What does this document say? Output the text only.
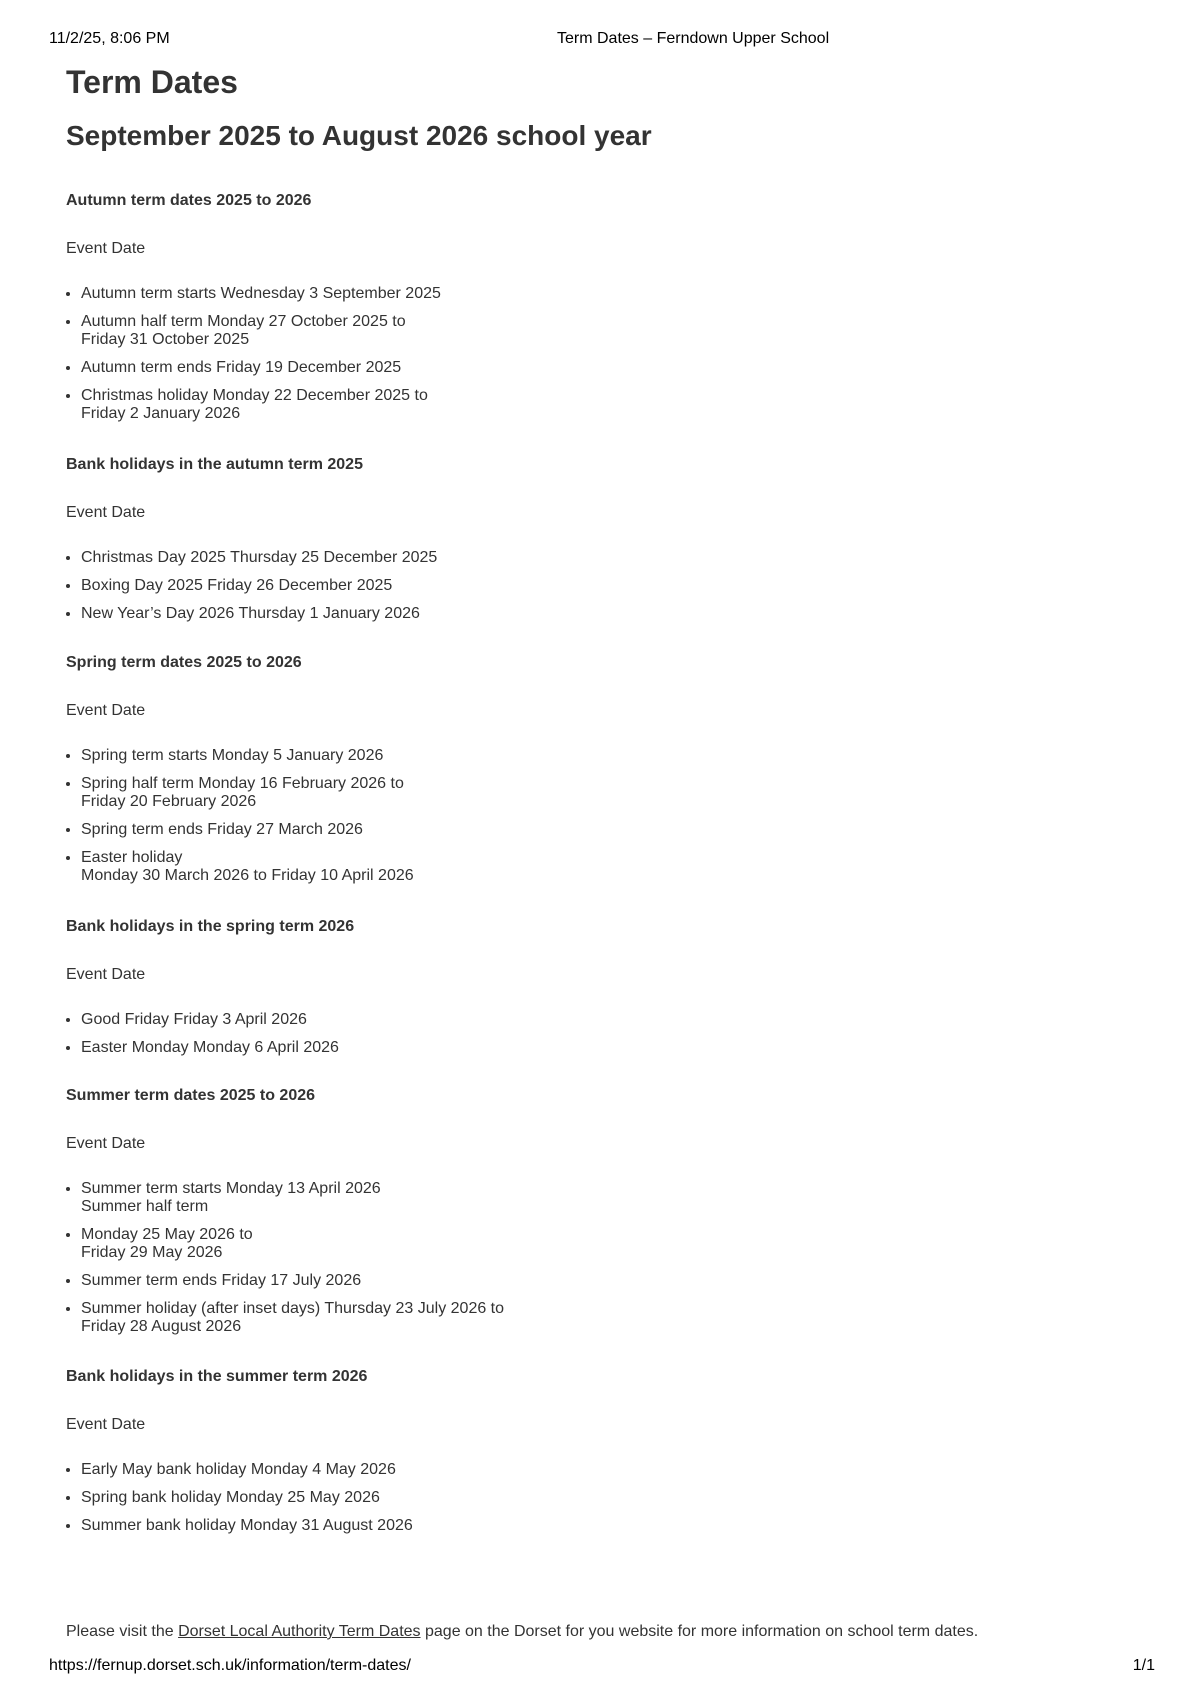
11/2/25, 8:06 PM	Term Dates – Ferndown Upper School
Term Dates
September 2025 to August 2026 school year
Autumn term dates 2025 to 2026
Event Date
• Autumn term starts Wednesday 3 September 2025
• Autumn half term Monday 27 October 2025 to
Friday 31 October 2025
• Autumn term ends Friday 19 December 2025
• Christmas holiday Monday 22 December 2025 to
Friday 2 January 2026
Bank holidays in the autumn term 2025
Event Date
• Christmas Day 2025 Thursday 25 December 2025
• Boxing Day 2025 Friday 26 December 2025
• New Year’s Day 2026 Thursday 1 January 2026
Spring term dates 2025 to 2026
Event Date
• Spring term starts Monday 5 January 2026
• Spring half term Monday 16 February 2026 to
Friday 20 February 2026
• Spring term ends Friday 27 March 2026
• Easter holiday
Monday 30 March 2026 to Friday 10 April 2026
Bank holidays in the spring term 2026
Event Date
• Good Friday Friday 3 April 2026
• Easter Monday Monday 6 April 2026
Summer term dates 2025 to 2026
Event Date
• Summer term starts Monday 13 April 2026
Summer half term
• Monday 25 May 2026 to
Friday 29 May 2026
• Summer term ends Friday 17 July 2026
• Summer holiday (after inset days) Thursday 23 July 2026 to
Friday 28 August 2026
Bank holidays in the summer term 2026
Event Date
• Early May bank holiday Monday 4 May 2026
• Spring bank holiday Monday 25 May 2026
• Summer bank holiday Monday 31 August 2026
Please visit the Dorset Local Authority Term Dates page on the Dorset for you website for more information on school term dates.
https://fernup.dorset.sch.uk/information/term-dates/	1/1
